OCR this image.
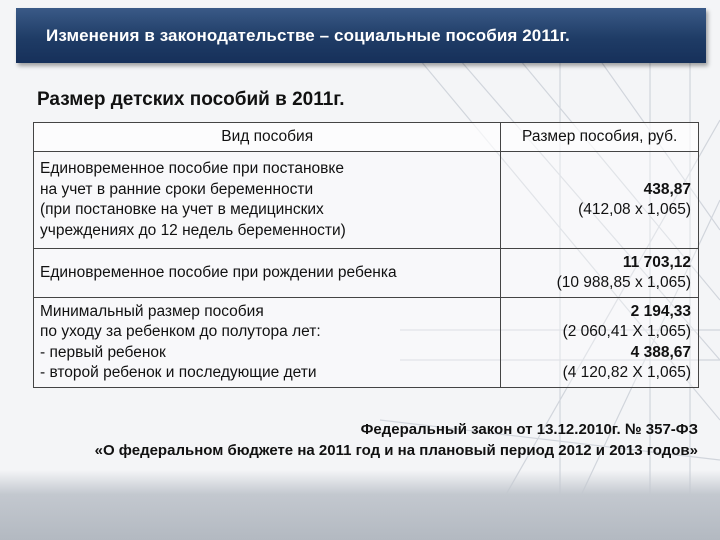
Изменения в законодательстве – социальные пособия 2011г.
Размер детских пособий в 2011г.
Вид пособия	Размер пособия, руб.

Единовременное пособие при постановке
на учет в ранние сроки беременности
(при постановке на учет в медицинских
учреждениях до 12 недель беременности)	438,87
(412,08 х 1,065)

Единовременное пособие при рождении ребенка	11 703,12
(10 988,85 х 1,065)

Минимальный размер пособия
по уходу за ребенком до полутора лет:
- первый ребенок
- второй ребенок и последующие дети	2 194,33
(2 060,41 Х 1,065)
4 388,67
(4 120,82 Х 1,065)
Федеральный закон от 13.12.2010г. № 357-ФЗ
«О федеральном бюджете на 2011 год и на плановый период 2012 и 2013 годов»
